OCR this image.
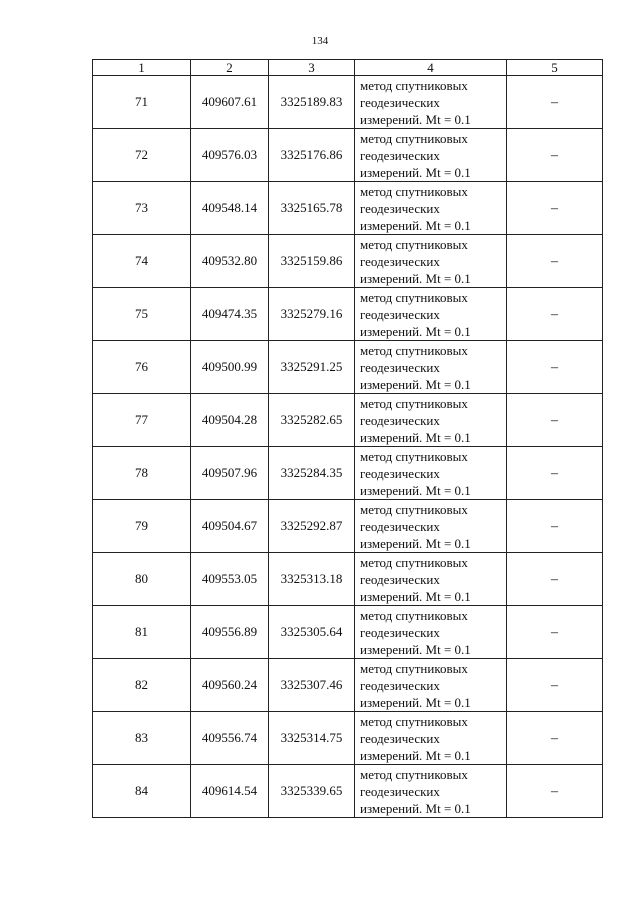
134
1	2	3	4	5
71	409607.61	3325189.83	метод спутниковых
геодезических
измерений. Mt = 0.1	–
72	409576.03	3325176.86	метод спутниковых
геодезических
измерений. Mt = 0.1	–
73	409548.14	3325165.78	метод спутниковых
геодезических
измерений. Mt = 0.1	–
74	409532.80	3325159.86	метод спутниковых
геодезических
измерений. Mt = 0.1	–
75	409474.35	3325279.16	метод спутниковых
геодезических
измерений. Mt = 0.1	–
76	409500.99	3325291.25	метод спутниковых
геодезических
измерений. Mt = 0.1	–
77	409504.28	3325282.65	метод спутниковых
геодезических
измерений. Mt = 0.1	–
78	409507.96	3325284.35	метод спутниковых
геодезических
измерений. Mt = 0.1	–
79	409504.67	3325292.87	метод спутниковых
геодезических
измерений. Mt = 0.1	–
80	409553.05	3325313.18	метод спутниковых
геодезических
измерений. Mt = 0.1	–
81	409556.89	3325305.64	метод спутниковых
геодезических
измерений. Mt = 0.1	–
82	409560.24	3325307.46	метод спутниковых
геодезических
измерений. Mt = 0.1	–
83	409556.74	3325314.75	метод спутниковых
геодезических
измерений. Mt = 0.1	–
84	409614.54	3325339.65	метод спутниковых
геодезических
измерений. Mt = 0.1	–
